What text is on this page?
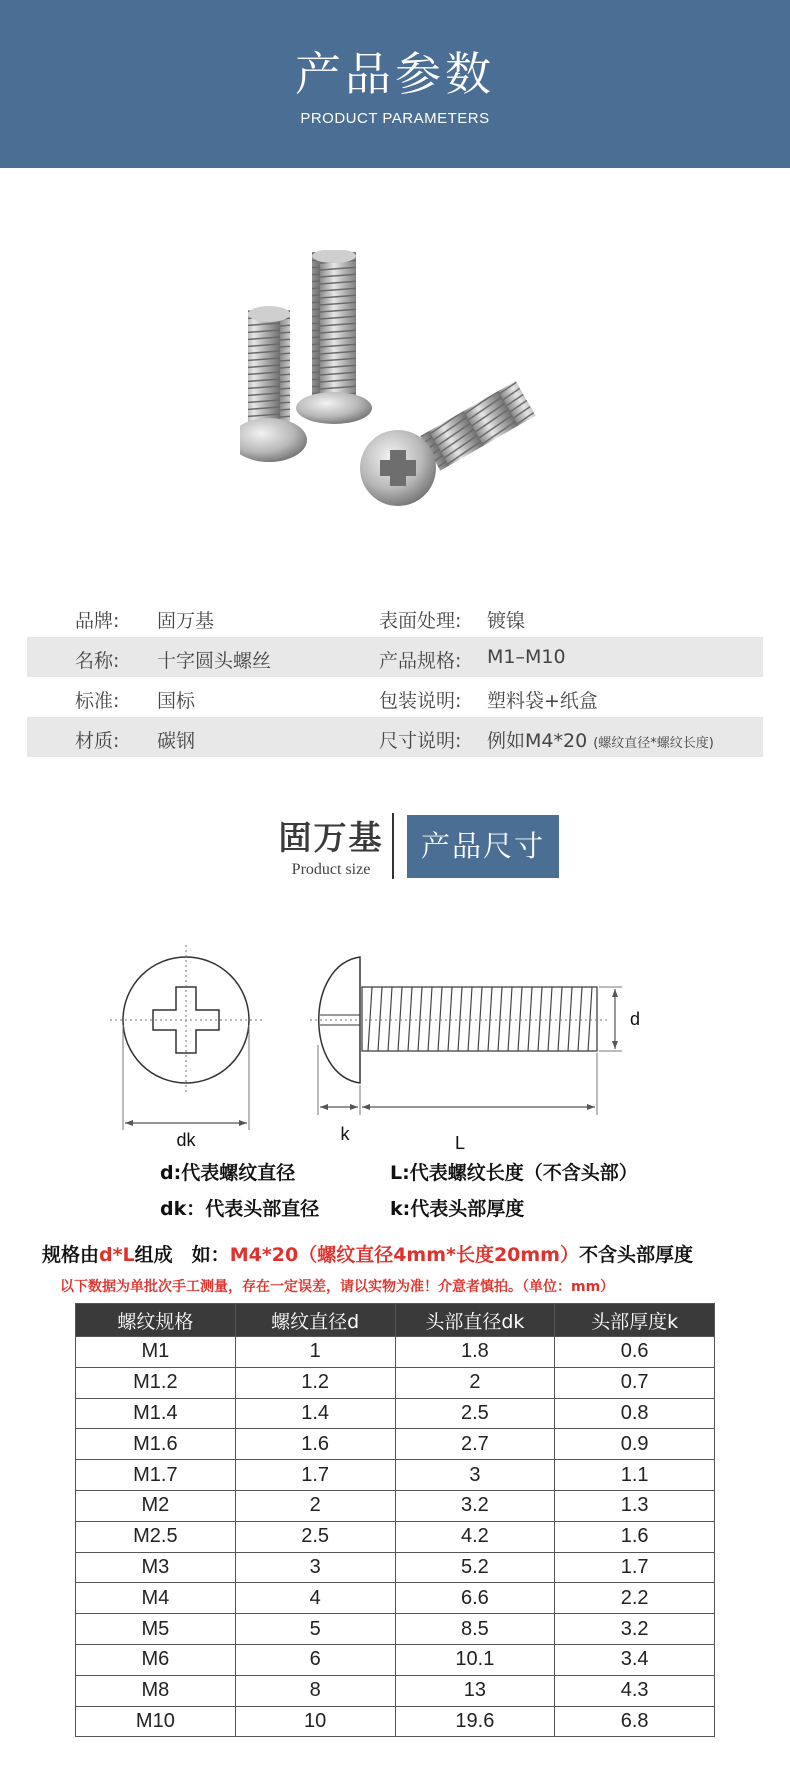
产品参数
PRODUCT PARAMETERS
品牌: 固万基	表面处理: 镀镍
名称: 十字圆头螺丝	产品规格: M1–M10
标准: 国标	包装说明: 塑料袋+纸盒
材质: 碳钢	尺寸说明: 例如M4*20 (螺纹直径*螺纹长度)
固万基
Product size
产品尺寸
dk
d
k	L
d:代表螺纹直径	L:代表螺纹长度（不含头部）
dk：代表头部直径	k:代表头部厚度
规格由d*L组成　如：M4*20（螺纹直径4mm*长度20mm）不含头部厚度
以下数据为单批次手工测量，存在一定误差，请以实物为准！介意者慎拍。（单位：mm）
螺纹规格	螺纹直径d	头部直径dk	头部厚度k
M1	1	1.8	0.6
M1.2	1.2	2	0.7
M1.4	1.4	2.5	0.8
M1.6	1.6	2.7	0.9
M1.7	1.7	3	1.1
M2	2	3.2	1.3
M2.5	2.5	4.2	1.6
M3	3	5.2	1.7
M4	4	6.6	2.2
M5	5	8.5	3.2
M6	6	10.1	3.4
M8	8	13	4.3
M10	10	19.6	6.8
